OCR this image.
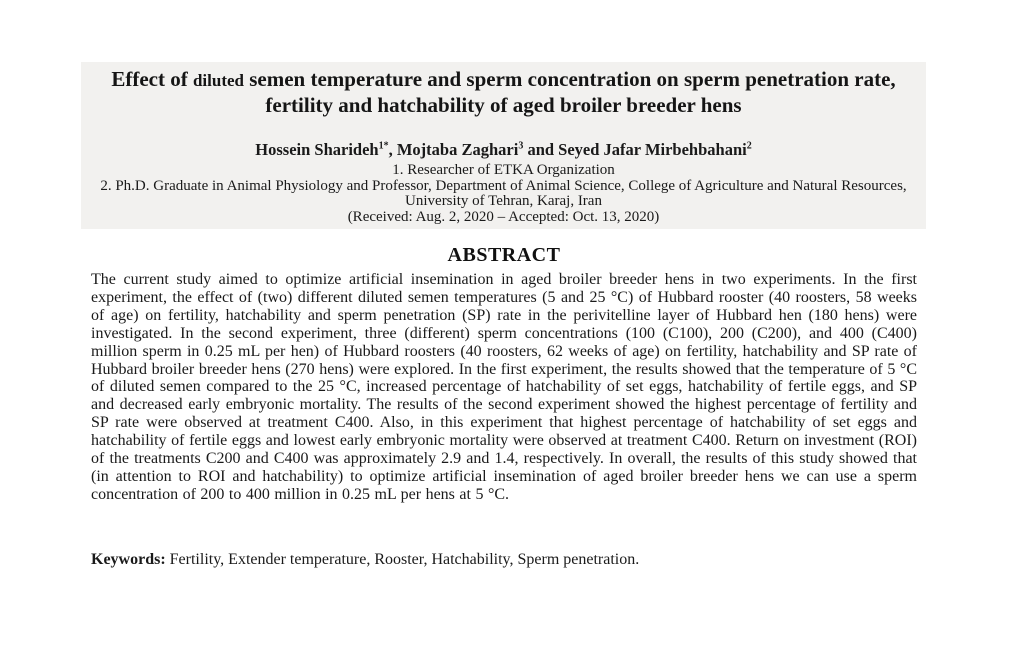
Effect of diluted semen temperature and sperm concentration on sperm penetration rate, fertility and hatchability of aged broiler breeder hens
Hossein Sharideh$^{1*}$, Mojtaba Zaghari$^3$ and Seyed Jafar Mirbehbahani$^2$
1. Researcher of ETKA Organization
2. Ph.D. Graduate in Animal Physiology and Professor, Department of Animal Science, College of Agriculture and Natural Resources, University of Tehran, Karaj, Iran
(Received: Aug. 2, 2020 – Accepted: Oct. 13, 2020)
ABSTRACT

The current study aimed to optimize artificial insemination in aged broiler breeder hens in two experiments. In the first experiment, the effect of (two) different diluted semen temperatures (5 and 25 °C) of Hubbard rooster (40 roosters, 58 weeks of age) on fertility, hatchability and sperm penetration (SP) rate in the perivitelline layer of Hubbard hen (180 hens) were investigated. In the second experiment, three (different) sperm concentrations (100 (C100), 200 (C200), and 400 (C400) million sperm in 0.25 mL per hen) of Hubbard roosters (40 roosters, 62 weeks of age) on fertility, hatchability and SP rate of Hubbard broiler breeder hens (270 hens) were explored. In the first experiment, the results showed that the temperature of 5 °C of diluted semen compared to the 25 °C, increased percentage of hatchability of set eggs, hatchability of fertile eggs, and SP and decreased early embryonic mortality. The results of the second experiment showed the highest percentage of fertility and SP rate were observed at treatment C400. Also, in this experiment that highest percentage of hatchability of set eggs and hatchability of fertile eggs and lowest early embryonic mortality were observed at treatment C400. Return on investment (ROI) of the treatments C200 and C400 was approximately 2.9 and 1.4, respectively. In overall, the results of this study showed that (in attention to ROI and hatchability) to optimize artificial insemination of aged broiler breeder hens we can use a sperm concentration of 200 to 400 million in 0.25 mL per hens at 5 °C.

Keywords: Fertility, Extender temperature, Rooster, Hatchability, Sperm penetration.
